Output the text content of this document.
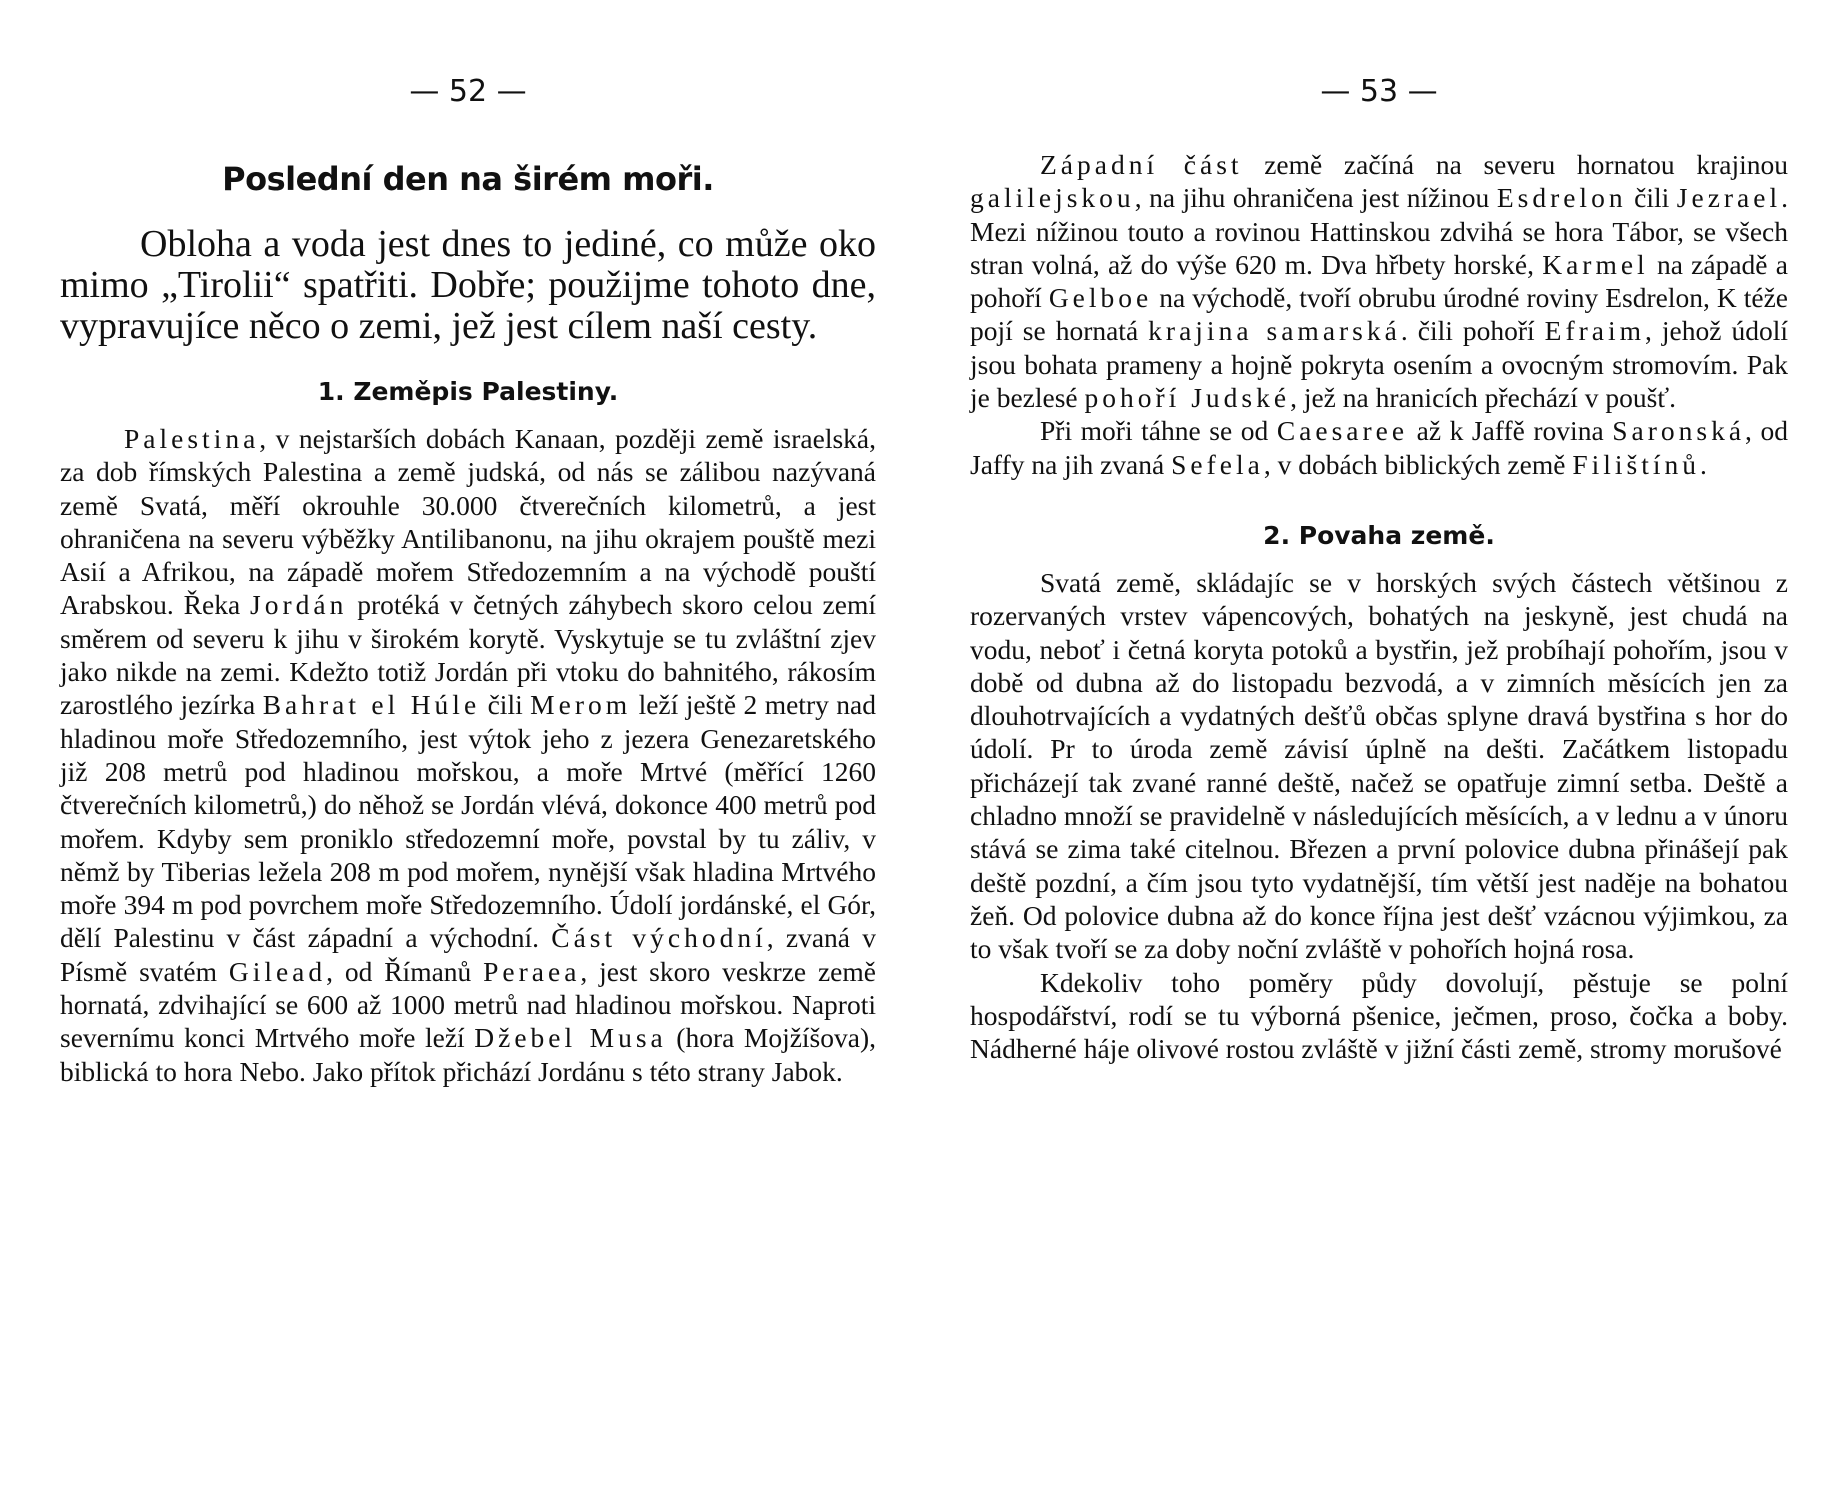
— 52 —
Poslední den na širém moři.

Obloha a voda jest dnes to jediné, co může oko mimo „Tirolii“ spatřiti. Dobře; použijme tohoto dne, vypravujíce něco o zemi, jež jest cílem naší cesty.

1. Zeměpis Palestiny.

Palestina, v nejstarších dobách Kanaan, později země israelská, za dob římských Palestina a země judská, od nás se zálibou nazývaná země Svatá, měří okrouhle 30.000 čtverečních kilometrů, a jest ohraničena na severu výběžky Antilibanonu, na jihu okrajem pouště mezi Asií a Afrikou, na západě mořem Středozemním a na východě pouští Arabskou. Řeka Jordán protéká v četných záhybech skoro celou zemí směrem od severu k jihu v širokém korytě. Vyskytuje se tu zvláštní zjev jako nikde na zemi. Kdežto totiž Jordán při vtoku do bahnitého, rákosím zarostlého jezírka Bahrat el Húle čili Merom leží ještě 2 metry nad hladinou moře Středozemního, jest výtok jeho z jezera Genezaretského již 208 metrů pod hladinou mořskou, a moře Mrtvé (měřící 1260 čtverečních kilometrů,) do něhož se Jordán vlévá, dokonce 400 metrů pod mořem. Kdyby sem proniklo středozemní moře, povstal by tu záliv, v němž by Tiberias ležela 208 m pod mořem, nynější však hladina Mrtvého moře 394 m pod povrchem moře Středozemního. Údolí jordánské, el Gór, dělí Palestinu v část západní a východní. Část východní, zvaná v Písmě svatém Gilead, od Římanů Peraea, jest skoro veskrze země hornatá, zdvihající se 600 až 1000 metrů nad hladinou mořskou. Naproti severnímu konci Mrtvého moře leží Džebel Musa (hora Mojžíšova), biblická to hora Nebo. Jako přítok přichází Jordánu s této strany Jabok.

— 53 —

Západní část země začíná na severu hornatou krajinou galilejskou, na jihu ohraničena jest nížinou Esdrelon čili Jezrael. Mezi nížinou touto a rovinou Hattinskou zdvihá se hora Tábor, se všech stran volná, až do výše 620 m. Dva hřbety horské, Karmel na západě a pohoří Gelboe na východě, tvoří obrubu úrodné roviny Esdrelon, K téže pojí se hornatá krajina samarská. čili pohoří Efraim, jehož údolí jsou bohata prameny a hojně pokryta osením a ovocným stromovím. Pak je bezlesé pohoří Judské, jež na hranicích přechází v poušť.

Při moři táhne se od Caesaree až k Jaffě rovina Saronská, od Jaffy na jih zvaná Sefela, v dobách biblických země Filištínů.

2. Povaha země.

Svatá země, skládajíc se v horských svých částech většinou z rozervaných vrstev vápencových, bohatých na jeskyně, jest chudá na vodu, neboť i četná koryta potoků a bystřin, jež probíhají pohořím, jsou v době od dubna až do listopadu bezvodá, a v zimních měsících jen za dlouhotrvajících a vydatných dešťů občas splyne dravá bystřina s hor do údolí. Pr to úroda země závisí úplně na dešti. Začátkem listopadu přicházejí tak zvané ranné deště, načež se opatřuje zimní setba. Deště a chladno množí se pravidelně v následujících měsících, a v lednu a v únoru stává se zima také citelnou. Březen a první polovice dubna přinášejí pak deště pozdní, a čím jsou tyto vydatnější, tím větší jest naděje na bohatou žeň. Od polovice dubna až do konce října jest dešť vzácnou výjimkou, za to však tvoří se za doby noční zvláště v pohořích hojná rosa.

Kdekoliv toho poměry půdy dovolují, pěstuje se polní hospodářství, rodí se tu výborná pšenice, ječmen, proso, čočka a boby. Nádherné háje olivové rostou zvláště v jižní části země, stromy morušové
